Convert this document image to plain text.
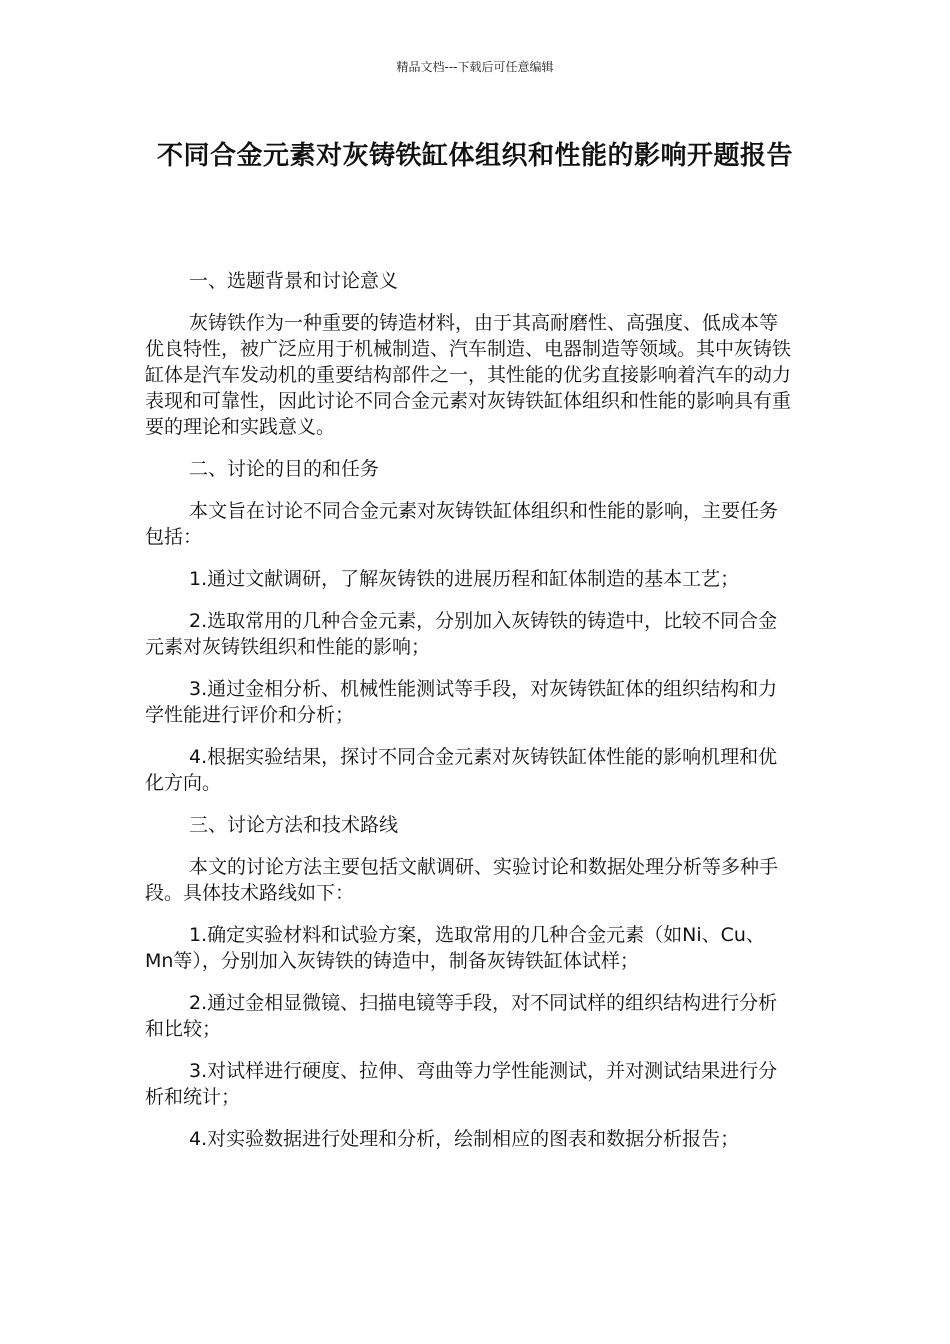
精品文档---下载后可任意编辑
不同合金元素对灰铸铁缸体组织和性能的影响开题报告

一、选题背景和讨论意义

灰铸铁作为一种重要的铸造材料，由于其高耐磨性、高强度、低成本等优良特性，被广泛应用于机械制造、汽车制造、电器制造等领域。其中灰铸铁缸体是汽车发动机的重要结构部件之一，其性能的优劣直接影响着汽车的动力表现和可靠性，因此讨论不同合金元素对灰铸铁缸体组织和性能的影响具有重要的理论和实践意义。

二、讨论的目的和任务

本文旨在讨论不同合金元素对灰铸铁缸体组织和性能的影响，主要任务包括：

1.通过文献调研，了解灰铸铁的进展历程和缸体制造的基本工艺；

2.选取常用的几种合金元素，分别加入灰铸铁的铸造中，比较不同合金元素对灰铸铁组织和性能的影响；

3.通过金相分析、机械性能测试等手段，对灰铸铁缸体的组织结构和力学性能进行评价和分析；

4.根据实验结果，探讨不同合金元素对灰铸铁缸体性能的影响机理和优化方向。

三、讨论方法和技术路线

本文的讨论方法主要包括文献调研、实验讨论和数据处理分析等多种手段。具体技术路线如下：

1.确定实验材料和试验方案，选取常用的几种合金元素（如Ni、Cu、Mn等），分别加入灰铸铁的铸造中，制备灰铸铁缸体试样；

2.通过金相显微镜、扫描电镜等手段，对不同试样的组织结构进行分析和比较；

3.对试样进行硬度、拉伸、弯曲等力学性能测试，并对测试结果进行分析和统计；

4.对实验数据进行处理和分析，绘制相应的图表和数据分析报告；
